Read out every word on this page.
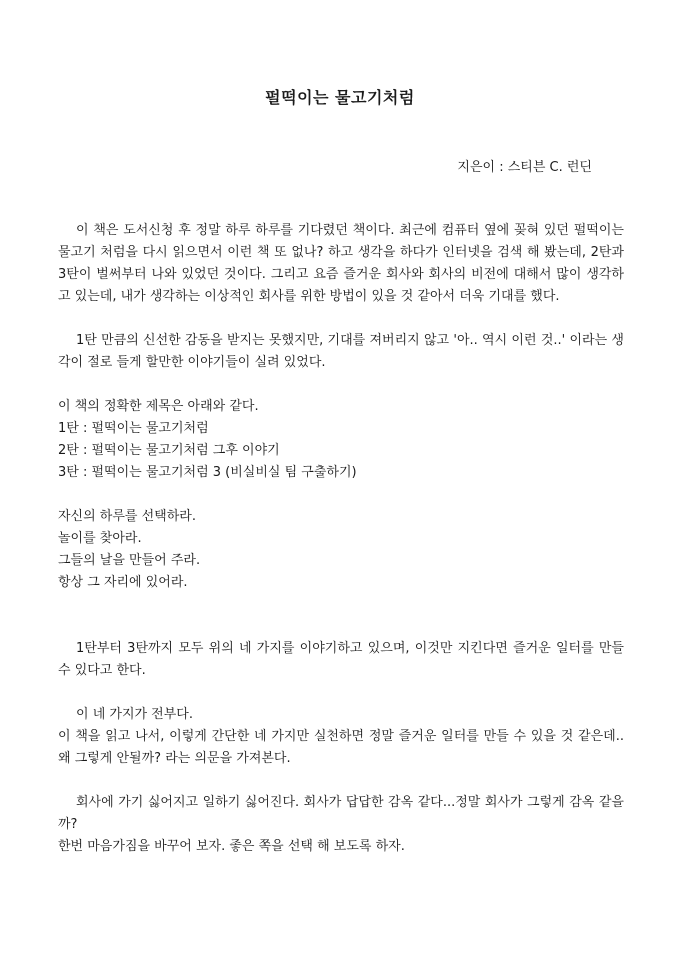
펄떡이는 물고기처럼
지은이 : 스티븐 C. 런딘

이 책은 도서신청 후 정말 하루 하루를 기다렸던 책이다. 최근에 컴퓨터 옆에 꽂혀 있던 펄떡이는 물고기 처럼을 다시 읽으면서 이런 책 또 없나? 하고 생각을 하다가 인터넷을 검색 해 봤는데, 2탄과 3탄이 벌써부터 나와 있었던 것이다. 그리고 요즘 즐거운 회사와 회사의 비전에 대해서 많이 생각하고 있는데, 내가 생각하는 이상적인 회사를 위한 방법이 있을 것 같아서 더욱 기대를 했다.

1탄 만큼의 신선한 감동을 받지는 못했지만, 기대를 져버리지 않고 '아.. 역시 이런 것..' 이라는 생각이 절로 들게 할만한 이야기들이 실려 있었다.

이 책의 정확한 제목은 아래와 같다.

1탄 : 펄떡이는 물고기처럼
2탄 : 펄떡이는 물고기처럼 그후 이야기
3탄 : 펄떡이는 물고기처럼 3 (비실비실 팀 구출하기)
자신의 하루를 선택하라.
놀이를 찾아라.
그들의 날을 만들어 주라.
항상 그 자리에 있어라.

1탄부터 3탄까지 모두 위의 네 가지를 이야기하고 있으며, 이것만 지킨다면 즐거운 일터를 만들 수 있다고 한다.

이 네 가지가 전부다.

이 책을 읽고 나서, 이렇게 간단한 네 가지만 실천하면 정말 즐거운 일터를 만들 수 있을 것 같은데.. 왜 그렇게 안될까? 라는 의문을 가져본다.

회사에 가기 싫어지고 일하기 싫어진다. 회사가 답답한 감옥 같다...정말 회사가 그렇게 감옥 같을까?

한번 마음가짐을 바꾸어 보자. 좋은 쪽을 선택 해 보도록 하자.
